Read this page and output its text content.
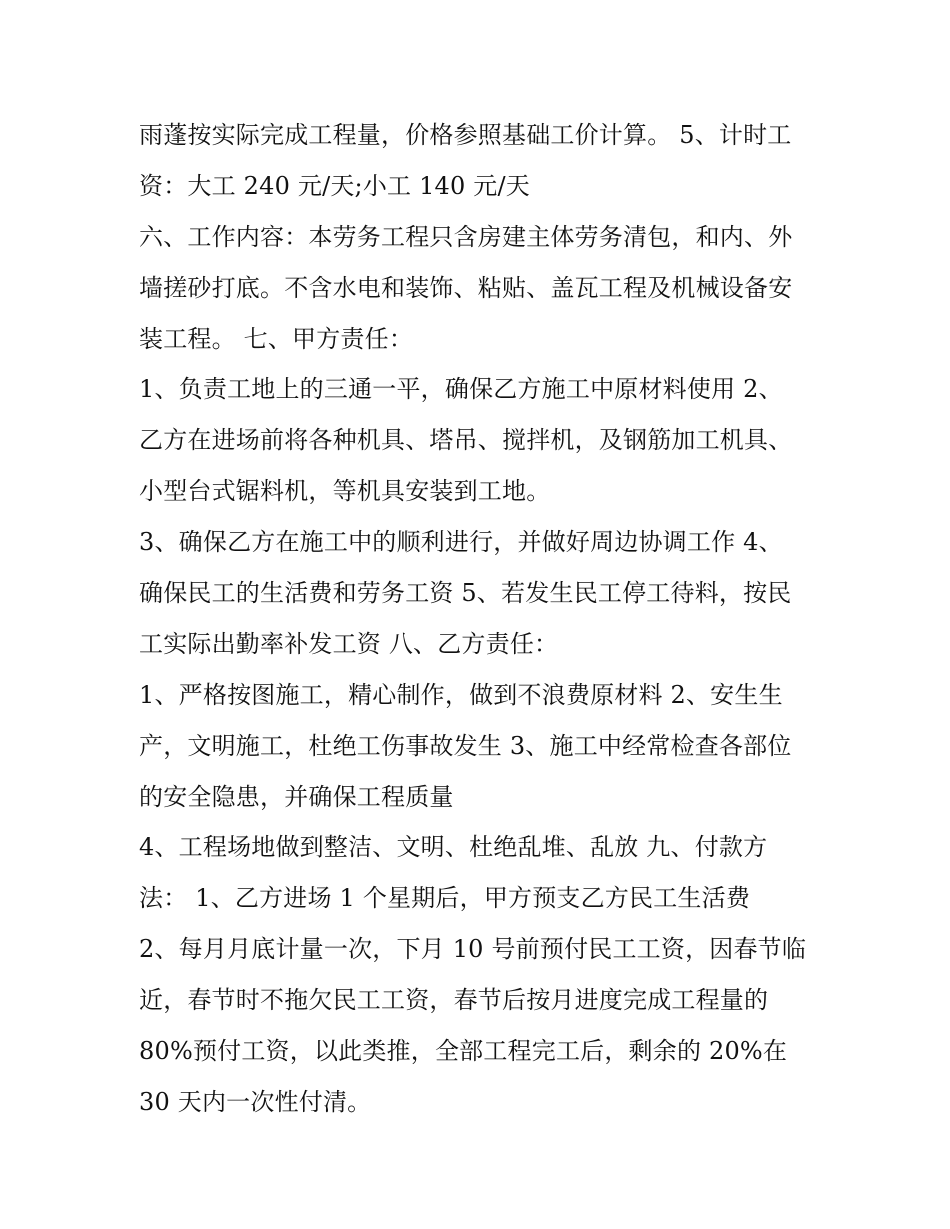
雨蓬按实际完成工程量，价格参照基础工价计算。 5、计时工
资：大工 240 元/天;小工 140 元/天
六、工作内容：本劳务工程只含房建主体劳务清包，和内、外
墙搓砂打底。不含水电和装饰、粘贴、盖瓦工程及机械设备安
装工程。 七、甲方责任：
1、负责工地上的三通一平，确保乙方施工中原材料使用 2、
乙方在进场前将各种机具、塔吊、搅拌机，及钢筋加工机具、
小型台式锯料机，等机具安装到工地。
3、确保乙方在施工中的顺利进行，并做好周边协调工作 4、
确保民工的生活费和劳务工资 5、若发生民工停工待料，按民
工实际出勤率补发工资 八、乙方责任：
1、严格按图施工，精心制作，做到不浪费原材料 2、安生生
产，文明施工，杜绝工伤事故发生 3、施工中经常检查各部位
的安全隐患，并确保工程质量
4、工程场地做到整洁、文明、杜绝乱堆、乱放 九、付款方
法： 1、乙方进场 1 个星期后，甲方预支乙方民工生活费
2、每月月底计量一次，下月 10 号前预付民工工资，因春节临
近，春节时不拖欠民工工资，春节后按月进度完成工程量的
80%预付工资，以此类推，全部工程完工后，剩余的 20%在
30 天内一次性付清。
